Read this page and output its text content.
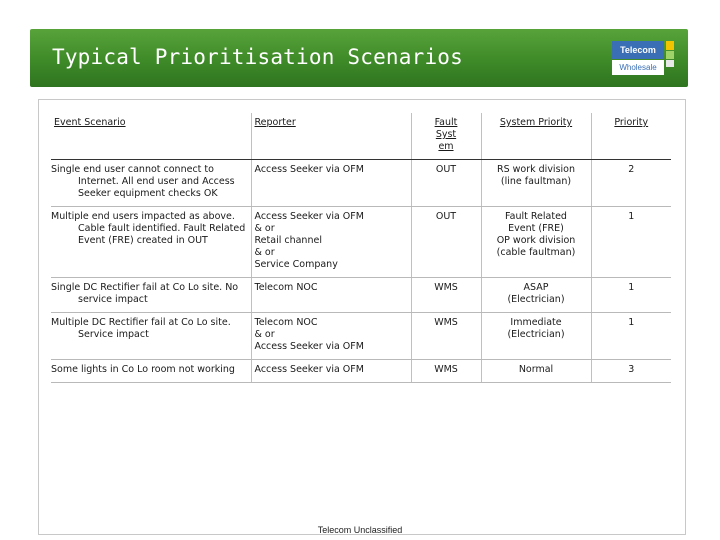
Typical Prioritisation Scenarios	Telecom
Wholesale
Event Scenario	Reporter	Fault
Syst
em	System Priority	Priority
Single end user cannot connect to Internet. All end user and Access Seeker equipment checks OK	Access Seeker via OFM	OUT	RS work division
(line faultman)	2
Multiple end users impacted as above. Cable fault identified. Fault Related Event (FRE) created in OUT	Access Seeker via OFM
& or
Retail channel
& or
Service Company	OUT	Fault Related
Event (FRE)
OP work division
(cable faultman)	1
Single DC Rectifier fail at Co Lo site. No service impact	Telecom NOC	WMS	ASAP
(Electrician)	1
Multiple DC Rectifier fail at Co Lo site. Service impact	Telecom NOC
& or
Access Seeker via OFM	WMS	Immediate
(Electrician)	1
Some lights in Co Lo room not working	Access Seeker via OFM	WMS	Normal	3
Telecom Unclassified
